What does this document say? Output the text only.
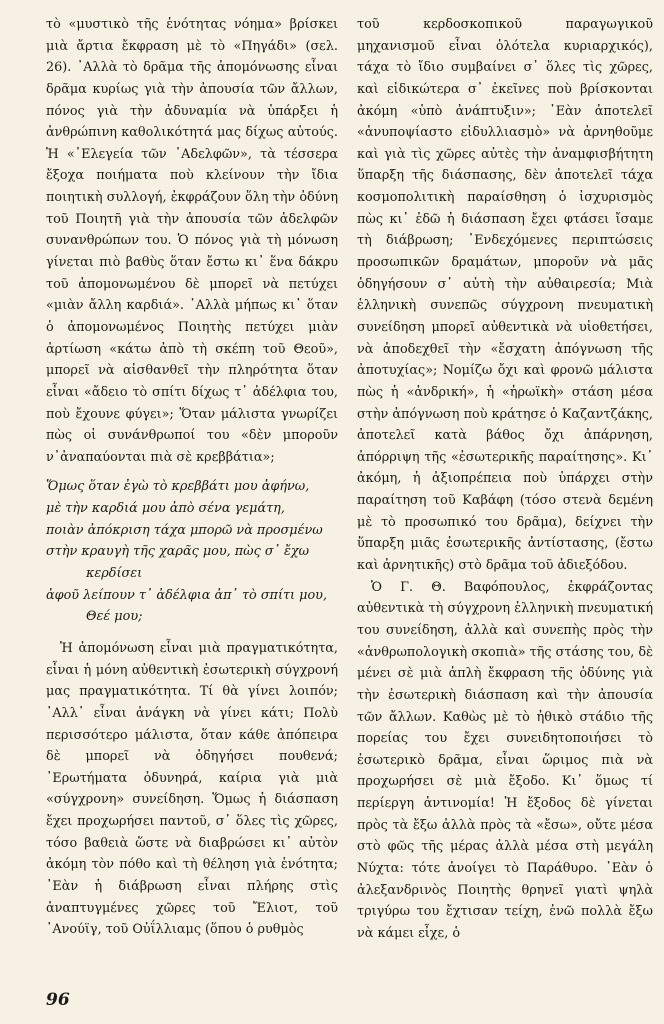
τὸ «μυστικὸ τῆς ἑνότητας νόημα» βρίσκει μιὰ ἄρτια ἔκφραση μὲ τὸ «Πηγάδι» (σελ. 26). ᾿Αλλὰ τὸ δρᾶμα τῆς ἀπομόνωσης εἶναι δρᾶμα κυρίως γιὰ τὴν ἀπουσία τῶν ἄλλων, πόνος γιὰ τὴν ἀδυναμία νὰ ὑπάρξει ἡ ἀνθρώπινη καθολικότητά μας δίχως αὐτούς. Ἡ «᾿Ελεγεία τῶν ᾿Αδελφῶν», τὰ τέσσερα ἔξοχα ποιήματα ποὺ κλείνουν τὴν ἴδια ποιητικὴ συλλογή, ἐκφράζουν ὅλη τὴν ὀδύνη τοῦ Ποιητῆ γιὰ τὴν ἀπουσία τῶν ἀδελφῶν συνανθρώπων του. Ὁ πόνος γιὰ τὴ μόνωση γίνεται πιὸ βαθὺς ὅταν ἔστω κι᾿ ἕνα δάκρυ τοῦ ἀπομονωμένου δὲ μπορεῖ νὰ πετύχει «μιὰν ἄλλη καρδιά». ᾿Αλλὰ μήπως κι᾿ ὅταν ὁ ἀπομονωμένος Ποιητὴς πετύχει μιὰν ἀρτίωση «κάτω ἀπὸ τὴ σκέπη τοῦ Θεοῦ», μπορεῖ νὰ αἰσθανθεῖ τὴν πληρότητα ὅταν εἶναι «ἄδειο τὸ σπίτι δίχως τ᾿ ἀδέλφια του, ποὺ ἔχουνε φύγει»; Ὅταν μάλιστα γνωρίζει πὼς οἱ συνάνθρωποί του «δὲν μποροῦν ν᾿ἀναπαύονται πιὰ σὲ κρεββάτια»;

Ὅμως ὅταν ἐγὼ τὸ κρεββάτι μου ἀφήνω,
μὲ τὴν καρδιά μου ἀπὸ σένα γεμάτη,
ποιὰν ἀπόκριση τάχα μπορῶ νὰ προσμένω
στὴν κραυγὴ τῆς χαρᾶς μου, πὼς σ᾿ ἔχω
κερδίσει
ἀφοῦ λείπουν τ᾿ ἀδέλφια ἀπ᾿ τὸ σπίτι μου,
Θεέ μου;

Ἡ ἀπομόνωση εἶναι μιὰ πραγματικότητα, εἶναι ἡ μόνη αὐθεντικὴ ἐσωτερικὴ σύγχρονή μας πραγματικότητα. Τί θὰ γίνει λοιπόν; ᾿Αλλ᾿ εἶναι ἀνάγκη νὰ γίνει κάτι; Πολὺ περισσότερο μάλιστα, ὅταν κάθε ἀπόπειρα δὲ μπορεῖ νὰ ὁδηγήσει πουθενά; ᾿Ερωτήματα ὀδυνηρά, καίρια γιὰ μιὰ «σύγχρονη» συνείδηση. Ὅμως ἡ διάσπαση ἔχει προχωρήσει παντοῦ, σ᾿ ὅλες τὶς χῶρες, τόσο βαθειὰ ὥστε νὰ διαβρώσει κι᾿ αὐτὸν ἀκόμη τὸν πόθο καὶ τὴ θέληση γιὰ ἑνότητα; ᾿Εὰν ἡ διάβρωση εἶναι πλήρης στὶς ἀναπτυγμένες χῶρες τοῦ Ἔλιοτ, τοῦ ᾿Ανούϊγ, τοῦ Οὐΐλλιαμς (ὅπου ὁ ρυθμὸς

τοῦ κερδοσκοπικοῦ παραγωγικοῦ μηχανισμοῦ εἶναι ὁλότελα κυριαρχικός), τάχα τὸ ἴδιο συμβαίνει σ᾿ ὅλες τὶς χῶρες, καὶ εἰδικώτερα σ᾿ ἐκεῖνες ποὺ βρίσκονται ἀκόμη «ὑπὸ ἀνάπτυξιν»; ᾿Εὰν ἀποτελεῖ «ἀνυποψίαστο εἰδυλλιασμὸ» νὰ ἀρνηθοῦμε καὶ γιὰ τὶς χῶρες αὐτὲς τὴν ἀναμφισβήτητη ὕπαρξη τῆς διάσπασης, δὲν ἀποτελεῖ τάχα κοσμοπολιτικὴ παραίσθηση ὁ ἰσχυρισμὸς πὼς κι᾿ ἐδῶ ἡ διάσπαση ἔχει φτάσει ἴσαμε τὴ διάβρωση; ᾿Ενδεχόμενες περιπτώσεις προσωπικῶν δραμάτων, μποροῦν νὰ μᾶς ὁδηγήσουν σ᾿ αὐτὴ τὴν αὐθαιρεσία; Μιὰ ἑλληνικὴ συνεπῶς σύγχρονη πνευματικὴ συνείδηση μπορεῖ αὐθεντικὰ νὰ υἱοθετήσει, νὰ ἀποδεχθεῖ τὴν «ἔσχατη ἀπόγνωση τῆς ἀποτυχίας»; Νομίζω ὄχι καὶ φρονῶ μάλιστα πὼς ἡ «ἀνδρική», ἡ «ἡρωϊκὴ» στάση μέσα στὴν ἀπόγνωση ποὺ κράτησε ὁ Καζαντζάκης, ἀποτελεῖ κατὰ βάθος ὄχι ἀπάρνηση, ἀπόρριψη τῆς «ἐσωτερικῆς παραίτησης». Κι᾿ ἀκόμη, ἡ ἀξιοπρέπεια ποὺ ὑπάρχει στὴν παραίτηση τοῦ Καβάφη (τόσο στενὰ δεμένη μὲ τὸ προσωπικό του δρᾶμα), δείχνει τὴν ὕπαρξη μιᾶς ἐσωτερικῆς ἀντίστασης, (ἔστω καὶ ἀρνητικῆς) στὸ δρᾶμα τοῦ ἀδιεξόδου.

Ὁ Γ. Θ. Βαφόπουλος, ἐκφράζοντας αὐθεντικὰ τὴ σύγχρονη ἑλληνικὴ πνευματική του συνείδηση, ἀλλὰ καὶ συνεπὴς πρὸς τὴν «ἀνθρωπολογικὴ σκοπιὰ» τῆς στάσης του, δὲ μένει σὲ μιὰ ἁπλὴ ἔκφραση τῆς ὀδύνης γιὰ τὴν ἐσωτερικὴ διάσπαση καὶ τὴν ἀπουσία τῶν ἄλλων. Καθὼς μὲ τὸ ἠθικὸ στάδιο τῆς πορείας του ἔχει συνειδητοποιήσει τὸ ἐσωτερικὸ δρᾶμα, εἶναι ὥριμος πιὰ νὰ προχωρήσει σὲ μιὰ ἔξοδο. Κι᾿ ὅμως τί περίεργη ἀντινομία! Ἡ ἔξοδος δὲ γίνεται πρὸς τὰ ἔξω ἀλλὰ πρὸς τὰ «ἔσω», οὔτε μέσα στὸ φῶς τῆς μέρας ἀλλὰ μέσα στὴ μεγάλη Νύχτα: τότε ἀνοίγει τὸ Παράθυρο. ᾿Εὰν ὁ ἀλεξανδρινὸς Ποιητὴς θρηνεῖ γιατὶ ψηλὰ τριγύρω του ἔχτισαν τείχη, ἐνῶ πολλὰ ἔξω νὰ κάμει εἶχε, ὁ

96
